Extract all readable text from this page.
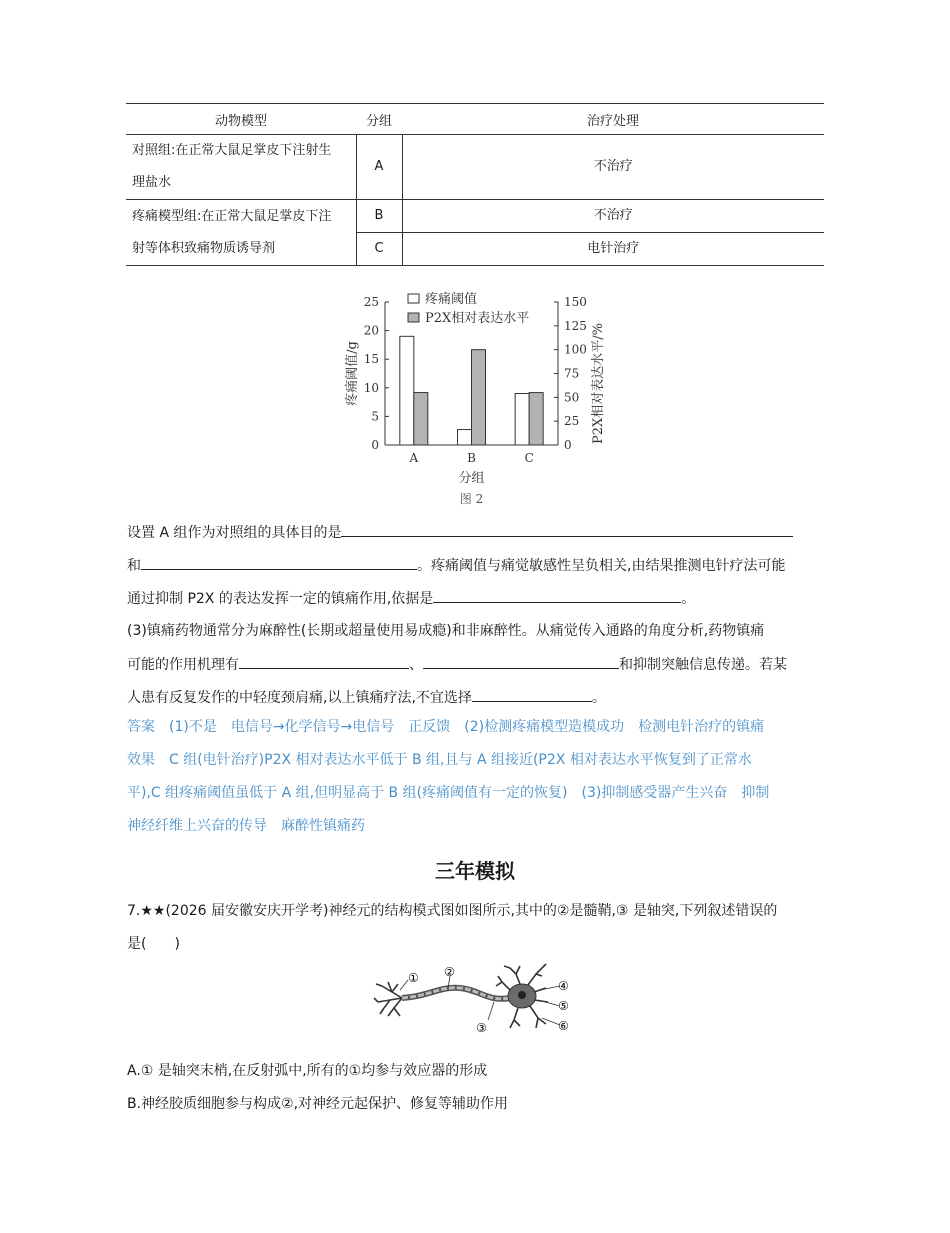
动物模型	分组	治疗处理

对照组:在正常大鼠足掌皮下注射生
理盐水	A	不治疗

疼痛模型组:在正常大鼠足掌皮下注
射等体积致痛物质诱导剂	B	不治疗
	C	电针治疗
0
5
10
15
20
25
0
25
50
75
100
125
150
A	B	C
分组
图 2
疼痛阈值/g	P2X相对表达水平/%
疼痛阈值
P2X相对表达水平
设置 A 组作为对照组的具体目的是
和	。疼痛阈值与痛觉敏感性呈负相关,由结果推测电针疗法可能
通过抑制 P2X 的表达发挥一定的镇痛作用,依据是	。
(3)镇痛药物通常分为麻醉性(长期或超量使用易成瘾)和非麻醉性。从痛觉传入通路的角度分析,药物镇痛
可能的作用机理有	、	和抑制突触信息传递。若某
人患有反复发作的中轻度颈肩痛,以上镇痛疗法,不宜选择	。
答案　(1)不是　电信号→化学信号→电信号　正反馈　(2)检测疼痛模型造模成功　检测电针治疗的镇痛
效果　C 组(电针治疗)P2X 相对表达水平低于 B 组,且与 A 组接近(P2X 相对表达水平恢复到了正常水
平),C 组疼痛阈值虽低于 A 组,但明显高于 B 组(疼痛阈值有一定的恢复)　(3)抑制感受器产生兴奋　抑制
神经纤维上兴奋的传导　麻醉性镇痛药
三年模拟
7.★★(2026 届安徽安庆开学考)神经元的结构模式图如图所示,其中的②是髓鞘,③ 是轴突,下列叙述错误的
是(　　)
① ②
③
④
⑤
⑥
A.① 是轴突末梢,在反射弧中,所有的①均参与效应器的形成
B.神经胶质细胞参与构成②,对神经元起保护、修复等辅助作用
